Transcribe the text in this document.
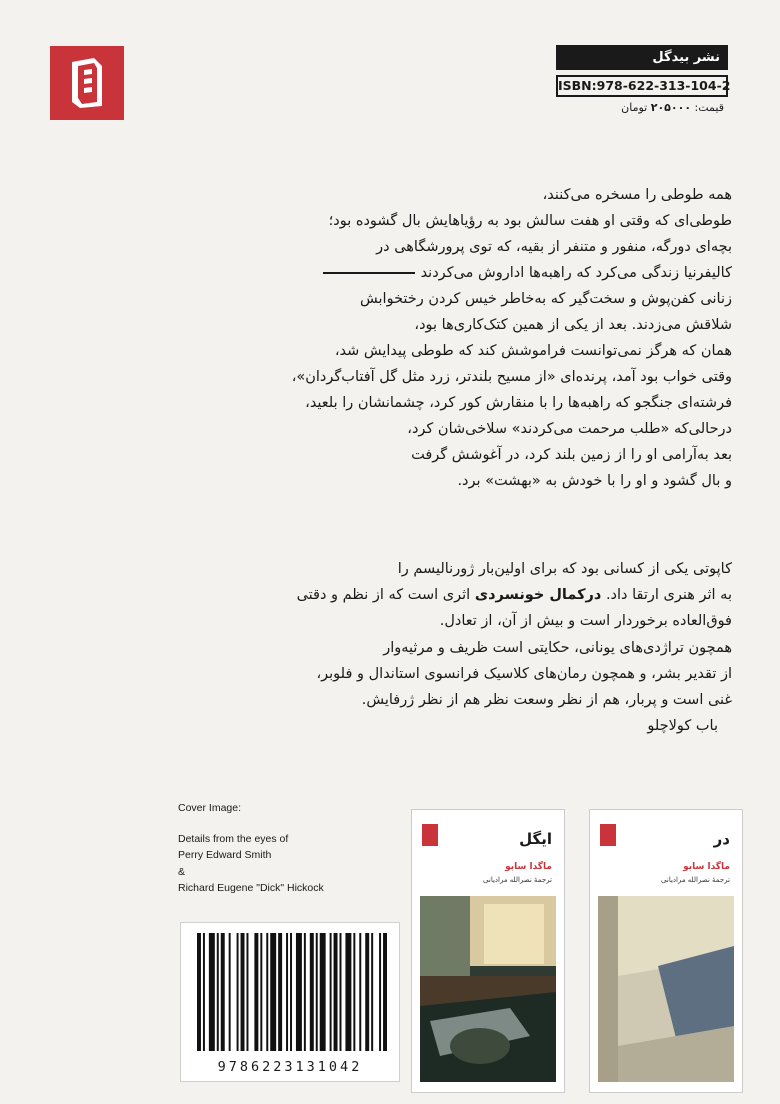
نشر بیدگل
ISBN:978-622-313-104-2
قیمت: ۲۰۵۰۰۰ تومان
همه طوطی را مسخره می‌کنند،
طوطی‌ای که وقتی او هفت سالش بود به رؤیاهایش بال گشوده بود؛
بچه‌ای دورگه، منفور و متنفر از بقیه، که توی پرورشگاهی در
کالیفرنیا زندگی می‌کرد که راهبه‌ها اداروش می‌کردند
زنانی کفن‌پوش و سخت‌گیر که به‌خاطر خیس کردن رختخوابش
شلاقش می‌زدند. بعد از یکی از همین کتک‌کاری‌ها بود،
همان که هرگز نمی‌توانست فراموشش کند که طوطی پیدایش شد،
وقتی خواب بود آمد، پرنده‌ای «از مسیح بلندتر، زرد مثل گل آفتاب‌گردان»،
فرشته‌ای جنگجو که راهبه‌ها را با منقارش کور کرد، چشمانشان را بلعید،
درحالی‌که «طلب مرحمت می‌کردند» سلاخی‌شان کرد،
بعد به‌آرامی او را از زمین بلند کرد، در آغوشش گرفت
و بال گشود و او را با خودش به «بهشت» برد.
کاپوتی یکی از کسانی بود که برای اولین‌بار ژورنالیسم را
به اثر هنری ارتقا داد. درکمال خونسردی اثری است که از نظم و دقتی
فوق‌العاده برخوردار است و بیش از آن، از تعادل.
همچون تراژدی‌های یونانی، حکایتی است ظریف و مرثیه‌وار
از تقدیر بشر، و همچون رمان‌های کلاسیک فرانسوی استاندال و فلوبر،
غنی است و پربار، هم از نظر وسعت نظر هم از نظر ژرفایش.
باب کولاچلو
Cover Image:
Details from the eyes of
Perry Edward Smith
&
Richard Eugene "Dick" Hickock
9786223131042
ایگل
ماگدا سابو
ترجمهٔ نصرالله مرادیانی
در
ماگدا سابو
ترجمهٔ نصرالله مرادیانی
